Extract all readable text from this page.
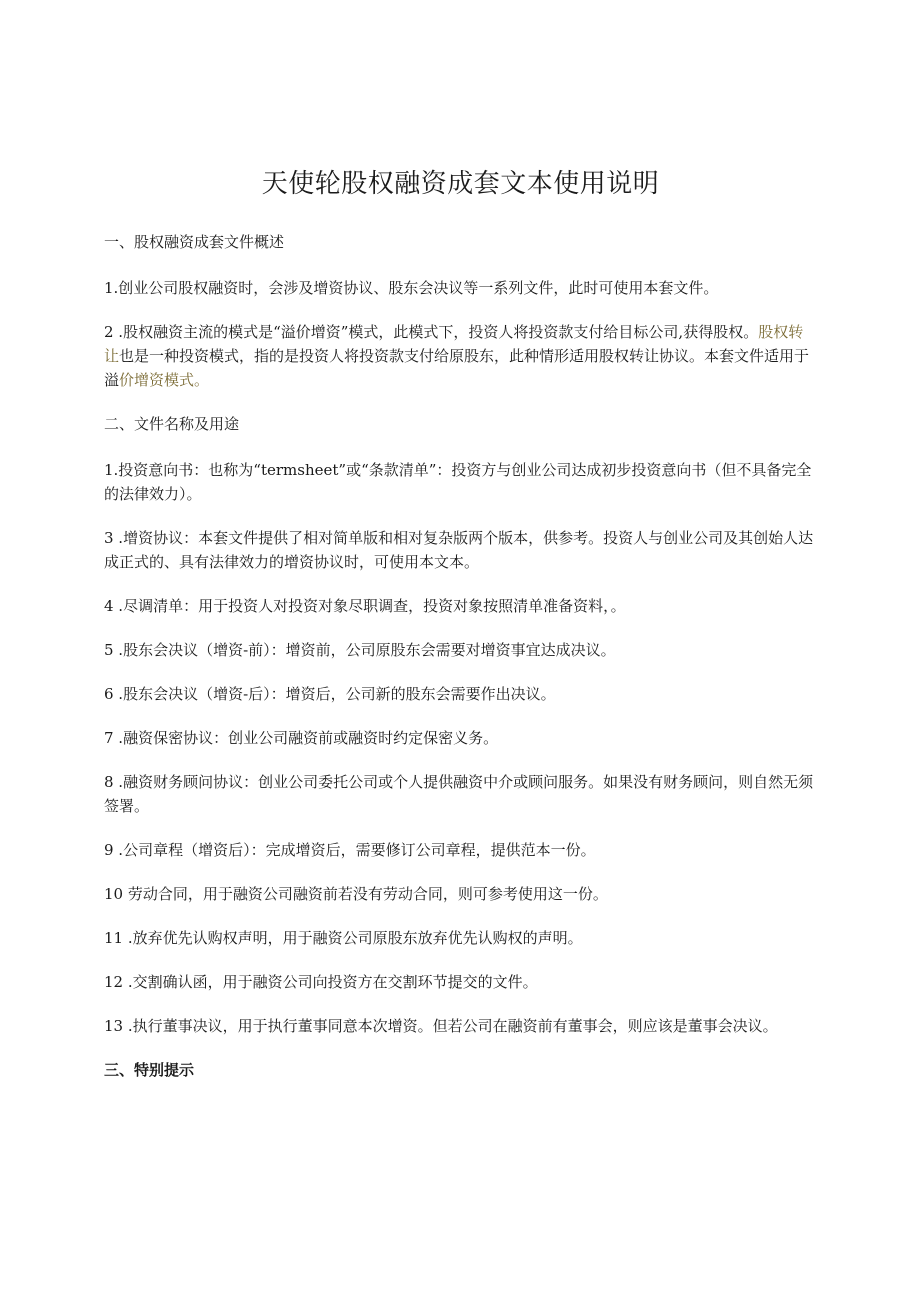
天使轮股权融资成套文本使用说明
一、股权融资成套文件概述

1.创业公司股权融资时，会涉及增资协议、股东会决议等一系列文件，此时可使用本套文件。

2 .股权融资主流的模式是“溢价增资”模式，此模式下，投资人将投资款支付给目标公司,获得股权。股权转让也是一种投资模式，指的是投资人将投资款支付给原股东，此种情形适用股权转让协议。本套文件适用于溢价增资模式。

二、文件名称及用途

1.投资意向书：也称为“termsheet”或“条款清单”：投资方与创业公司达成初步投资意向书（但不具备完全的法律效力）。

3 .增资协议：本套文件提供了相对简单版和相对复杂版两个版本，供参考。投资人与创业公司及其创始人达成正式的、具有法律效力的增资协议时，可使用本文本。

4 .尽调清单：用于投资人对投资对象尽职调查，投资对象按照清单准备资料，。

5 .股东会决议（增资-前）：增资前，公司原股东会需要对增资事宜达成决议。

6 .股东会决议（增资-后）：增资后，公司新的股东会需要作出决议。

7 .融资保密协议：创业公司融资前或融资时约定保密义务。

8 .融资财务顾问协议：创业公司委托公司或个人提供融资中介或顾问服务。如果没有财务顾问，则自然无须签署。

9 .公司章程（增资后）：完成增资后，需要修订公司章程，提供范本一份。

10 劳动合同，用于融资公司融资前若没有劳动合同，则可参考使用这一份。

11 .放弃优先认购权声明，用于融资公司原股东放弃优先认购权的声明。

12 .交割确认函，用于融资公司向投资方在交割环节提交的文件。

13 .执行董事决议，用于执行董事同意本次增资。但若公司在融资前有董事会，则应该是董事会决议。

三、特别提示
